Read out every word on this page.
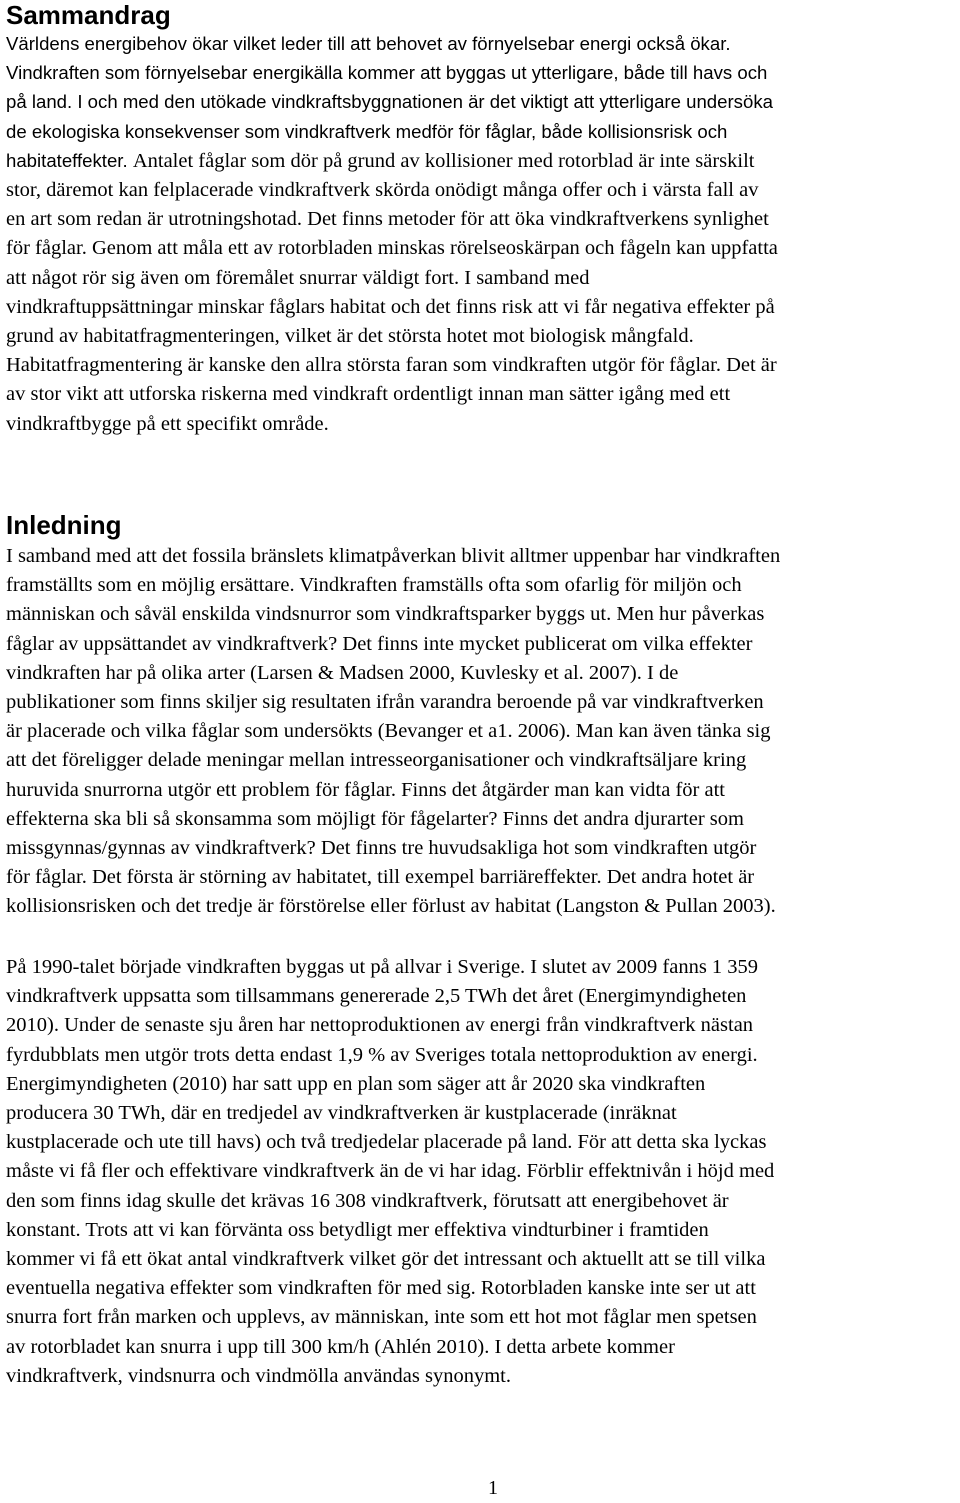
Sammandrag
Världens energibehov ökar vilket leder till att behovet av förnyelsebar energi också ökar.
Vindkraften som förnyelsebar energikälla kommer att byggas ut ytterligare, både till havs och
på land. I och med den utökade vindkraftsbyggnationen är det viktigt att ytterligare undersöka
de ekologiska konsekvenser som vindkraftverk medför för fåglar, både kollisionsrisk och
habitateffekter. Antalet fåglar som dör på grund av kollisioner med rotorblad är inte särskilt
stor, däremot kan felplacerade vindkraftverk skörda onödigt många offer och i värsta fall av
en art som redan är utrotningshotad. Det finns metoder för att öka vindkraftverkens synlighet
för fåglar. Genom att måla ett av rotorbladen minskas rörelseoskärpan och fågeln kan uppfatta
att något rör sig även om föremålet snurrar väldigt fort. I samband med
vindkraftuppsättningar minskar fåglars habitat och det finns risk att vi får negativa effekter på
grund av habitatfragmenteringen, vilket är det största hotet mot biologisk mångfald.
Habitatfragmentering är kanske den allra största faran som vindkraften utgör för fåglar. Det är
av stor vikt att utforska riskerna med vindkraft ordentligt innan man sätter igång med ett
vindkraftbygge på ett specifikt område.
Inledning
I samband med att det fossila bränslets klimatpåverkan blivit alltmer uppenbar har vindkraften
framställts som en möjlig ersättare. Vindkraften framställs ofta som ofarlig för miljön och
människan och såväl enskilda vindsnurror som vindkraftsparker byggs ut. Men hur påverkas
fåglar av uppsättandet av vindkraftverk? Det finns inte mycket publicerat om vilka effekter
vindkraften har på olika arter (Larsen & Madsen 2000, Kuvlesky et al. 2007). I de
publikationer som finns skiljer sig resultaten ifrån varandra beroende på var vindkraftverken
är placerade och vilka fåglar som undersökts (Bevanger et a1. 2006). Man kan även tänka sig
att det föreligger delade meningar mellan intresseorganisationer och vindkraftsäljare kring
huruvida snurrorna utgör ett problem för fåglar. Finns det åtgärder man kan vidta för att
effekterna ska bli så skonsamma som möjligt för fågelarter? Finns det andra djurarter som
missgynnas/gynnas av vindkraftverk? Det finns tre huvudsakliga hot som vindkraften utgör
för fåglar. Det första är störning av habitatet, till exempel barriäreffekter. Det andra hotet är
kollisionsrisken och det tredje är förstörelse eller förlust av habitat (Langston & Pullan 2003).
På 1990-talet började vindkraften byggas ut på allvar i Sverige. I slutet av 2009 fanns 1 359
vindkraftverk uppsatta som tillsammans genererade 2,5 TWh det året (Energimyndigheten
2010). Under de senaste sju åren har nettoproduktionen av energi från vindkraftverk nästan
fyrdubblats men utgör trots detta endast 1,9 % av Sveriges totala nettoproduktion av energi.
Energimyndigheten (2010) har satt upp en plan som säger att år 2020 ska vindkraften
producera 30 TWh, där en tredjedel av vindkraftverken är kustplacerade (inräknat
kustplacerade och ute till havs) och två tredjedelar placerade på land. För att detta ska lyckas
måste vi få fler och effektivare vindkraftverk än de vi har idag. Förblir effektnivån i höjd med
den som finns idag skulle det krävas 16 308 vindkraftverk, förutsatt att energibehovet är
konstant. Trots att vi kan förvänta oss betydligt mer effektiva vindturbiner i framtiden
kommer vi få ett ökat antal vindkraftverk vilket gör det intressant och aktuellt att se till vilka
eventuella negativa effekter som vindkraften för med sig. Rotorbladen kanske inte ser ut att
snurra fort från marken och upplevs, av människan, inte som ett hot mot fåglar men spetsen
av rotorbladet kan snurra i upp till 300 km/h (Ahlén 2010). I detta arbete kommer
vindkraftverk, vindsnurra och vindmölla användas synonymt.
1
